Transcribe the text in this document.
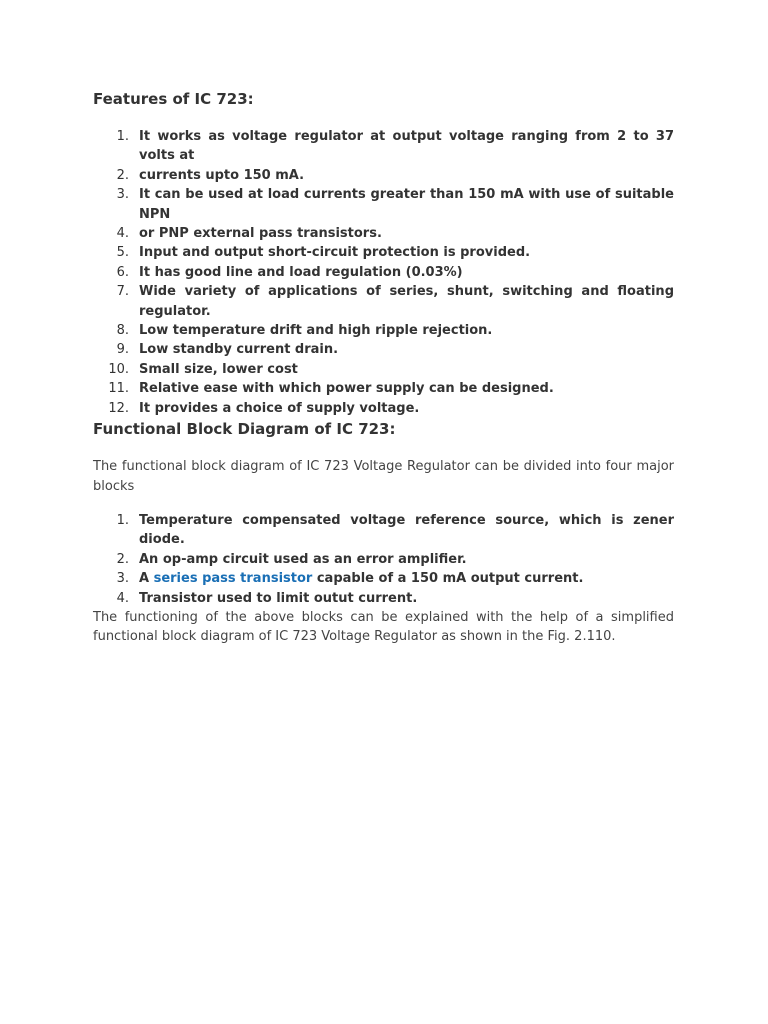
Features of IC 723:
1. It works as voltage regulator at output voltage ranging from 2 to 37 volts at
2. currents upto 150 mA.
3. It can be used at load currents greater than 150 mA with use of suitable NPN
4. or PNP external pass transistors.
5. Input and output short-circuit protection is provided.
6. It has good line and load regulation (0.03%)
7. Wide variety of applications of series, shunt, switching and floating regulator.
8. Low temperature drift and high ripple rejection.
9. Low standby current drain.
10. Small size, lower cost
11. Relative ease with which power supply can be designed.
12. It provides a choice of supply voltage.
Functional Block Diagram of IC 723:

The functional block diagram of IC 723 Voltage Regulator can be divided into four major blocks

1. Temperature compensated voltage reference source, which is zener diode.
2. An op-amp circuit used as an error amplifier.
3. A series pass transistor capable of a 150 mA output current.
4. Transistor used to limit outut current.

The functioning of the above blocks can be explained with the help of a simplified functional block diagram of IC 723 Voltage Regulator as shown in the Fig. 2.110.
